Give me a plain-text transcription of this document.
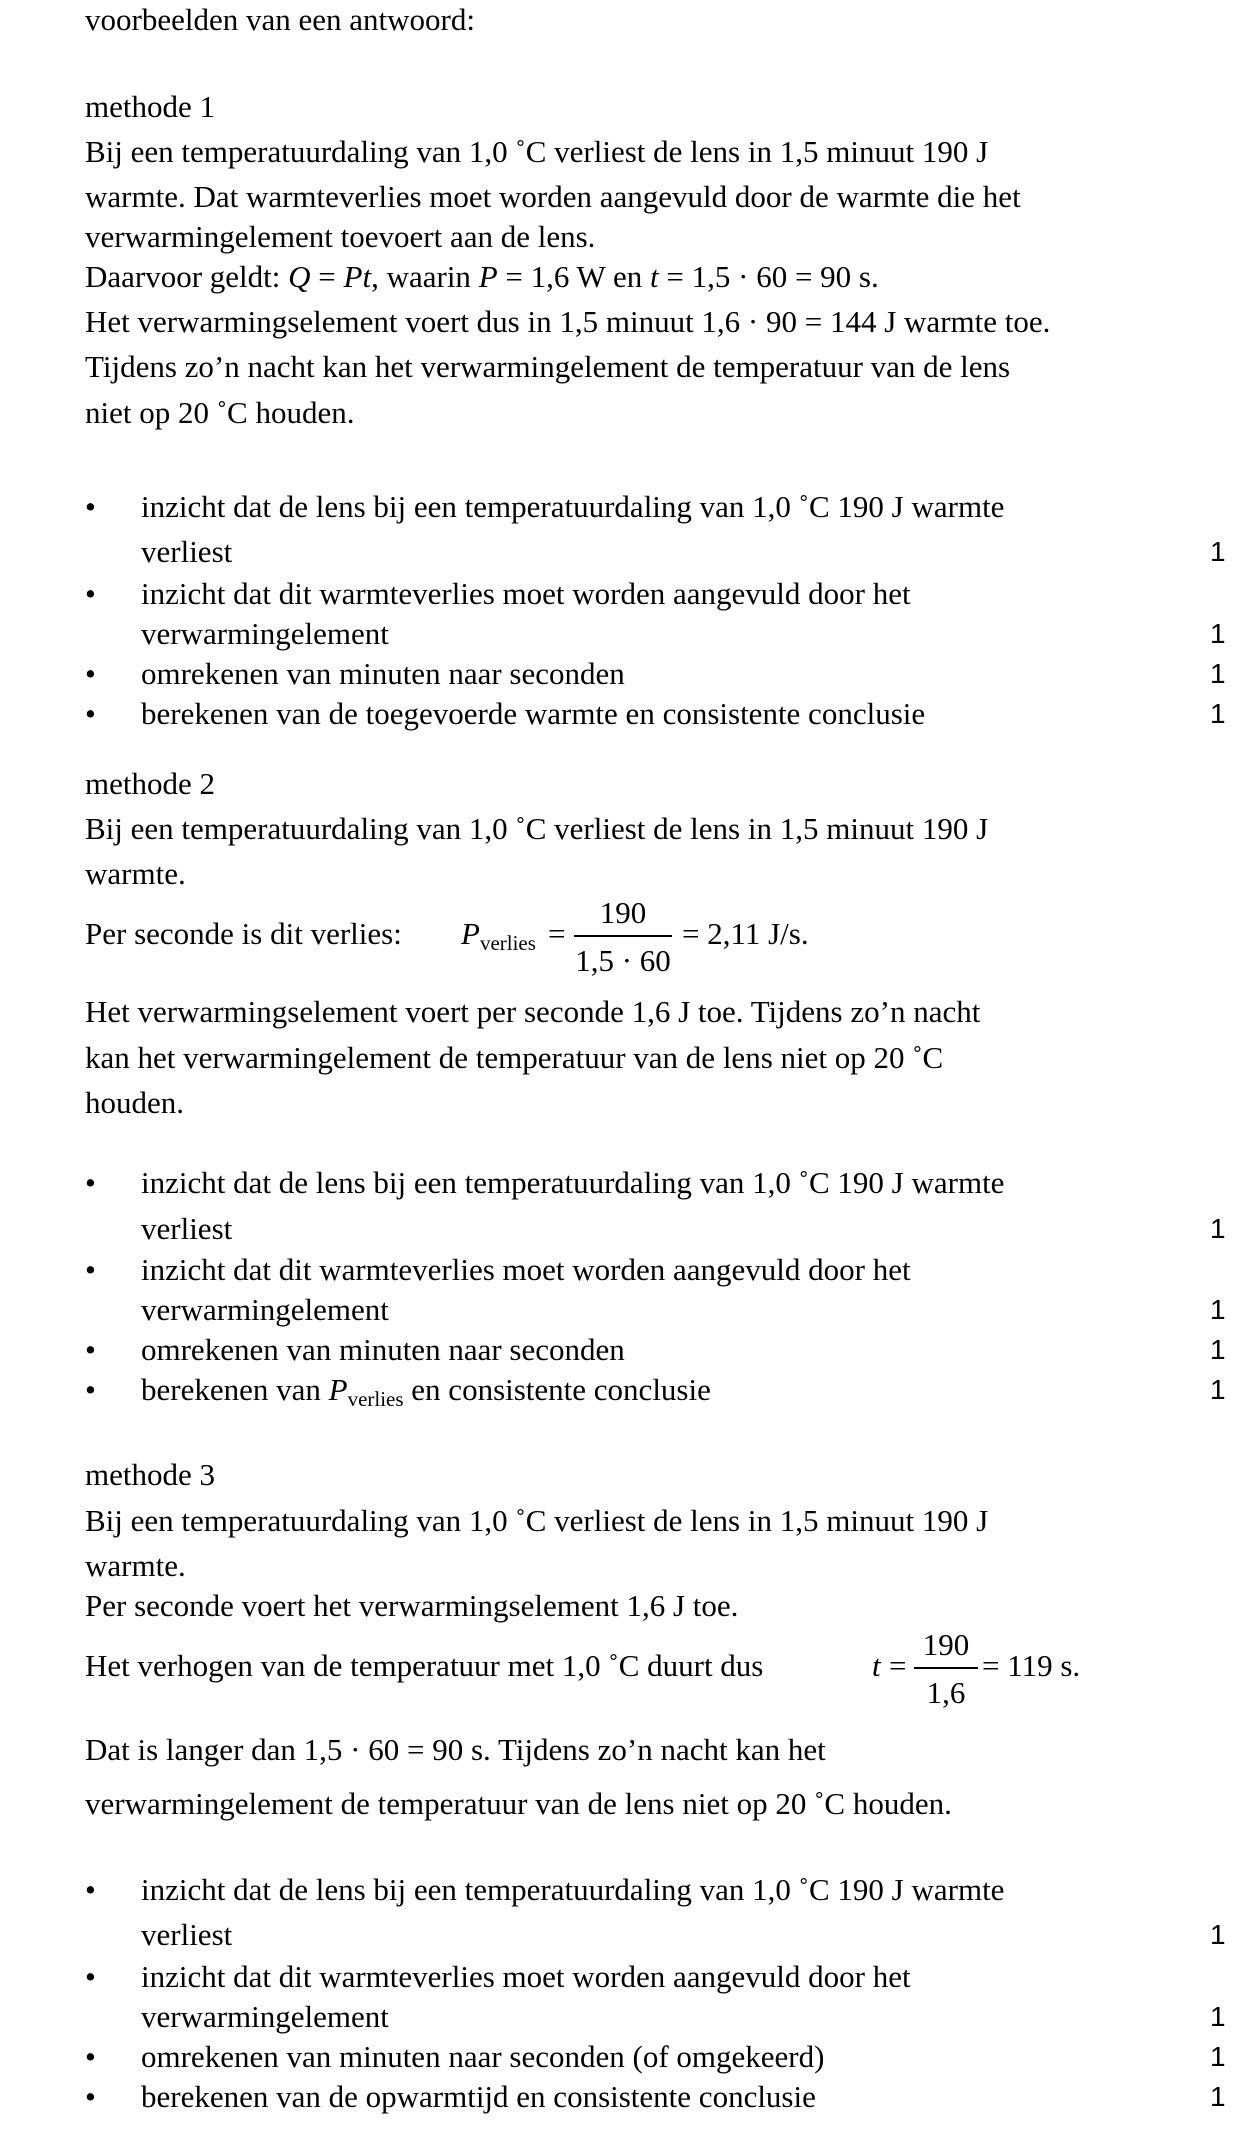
voorbeelden van een antwoord:
methode 1
Bij een temperatuurdaling van 1,0 ˚C verliest de lens in 1,5 minuut 190 J
warmte. Dat warmteverlies moet worden aangevuld door de warmte die het
verwarmingelement toevoert aan de lens.
Daarvoor geldt: Q = Pt, waarin P = 1,6 W en t = 1,5 · 60 = 90 s.
Het verwarmingselement voert dus in 1,5 minuut 1,6 · 90 = 144 J warmte toe.
Tijdens zo’n nacht kan het verwarmingelement de temperatuur van de lens
niet op 20 ˚C houden.
• inzicht dat de lens bij een temperatuurdaling van 1,0 ˚C 190 J warmte
verliest	1
• inzicht dat dit warmteverlies moet worden aangevuld door het
verwarmingelement	1
• omrekenen van minuten naar seconden	1
• berekenen van de toegevoerde warmte en consistente conclusie	1
methode 2
Bij een temperatuurdaling van 1,0 ˚C verliest de lens in 1,5 minuut 190 J
warmte.
Per seconde is dit verlies: $P_{verlies}$ =
190
1,5 · 60
= 2,11 J/s.
Het verwarmingselement voert per seconde 1,6 J toe. Tijdens zo’n nacht
kan het verwarmingelement de temperatuur van de lens niet op 20 ˚C
houden.
• inzicht dat de lens bij een temperatuurdaling van 1,0 ˚C 190 J warmte
verliest	1
• inzicht dat dit warmteverlies moet worden aangevuld door het
verwarmingelement	1
• omrekenen van minuten naar seconden	1
• berekenen van $P_{verlies}$ en consistente conclusie	1
methode 3
Bij een temperatuurdaling van 1,0 ˚C verliest de lens in 1,5 minuut 190 J
warmte.
Per seconde voert het verwarmingselement 1,6 J toe.
Het verhogen van de temperatuur met 1,0 ˚C duurt dus	t =
190
1,6
= 119 s.
Dat is langer dan 1,5 · 60 = 90 s. Tijdens zo’n nacht kan het
verwarmingelement de temperatuur van de lens niet op 20 ˚C houden.
• inzicht dat de lens bij een temperatuurdaling van 1,0 ˚C 190 J warmte
verliest	1
• inzicht dat dit warmteverlies moet worden aangevuld door het
verwarmingelement	1
• omrekenen van minuten naar seconden (of omgekeerd)	1
• berekenen van de opwarmtijd en consistente conclusie	1
